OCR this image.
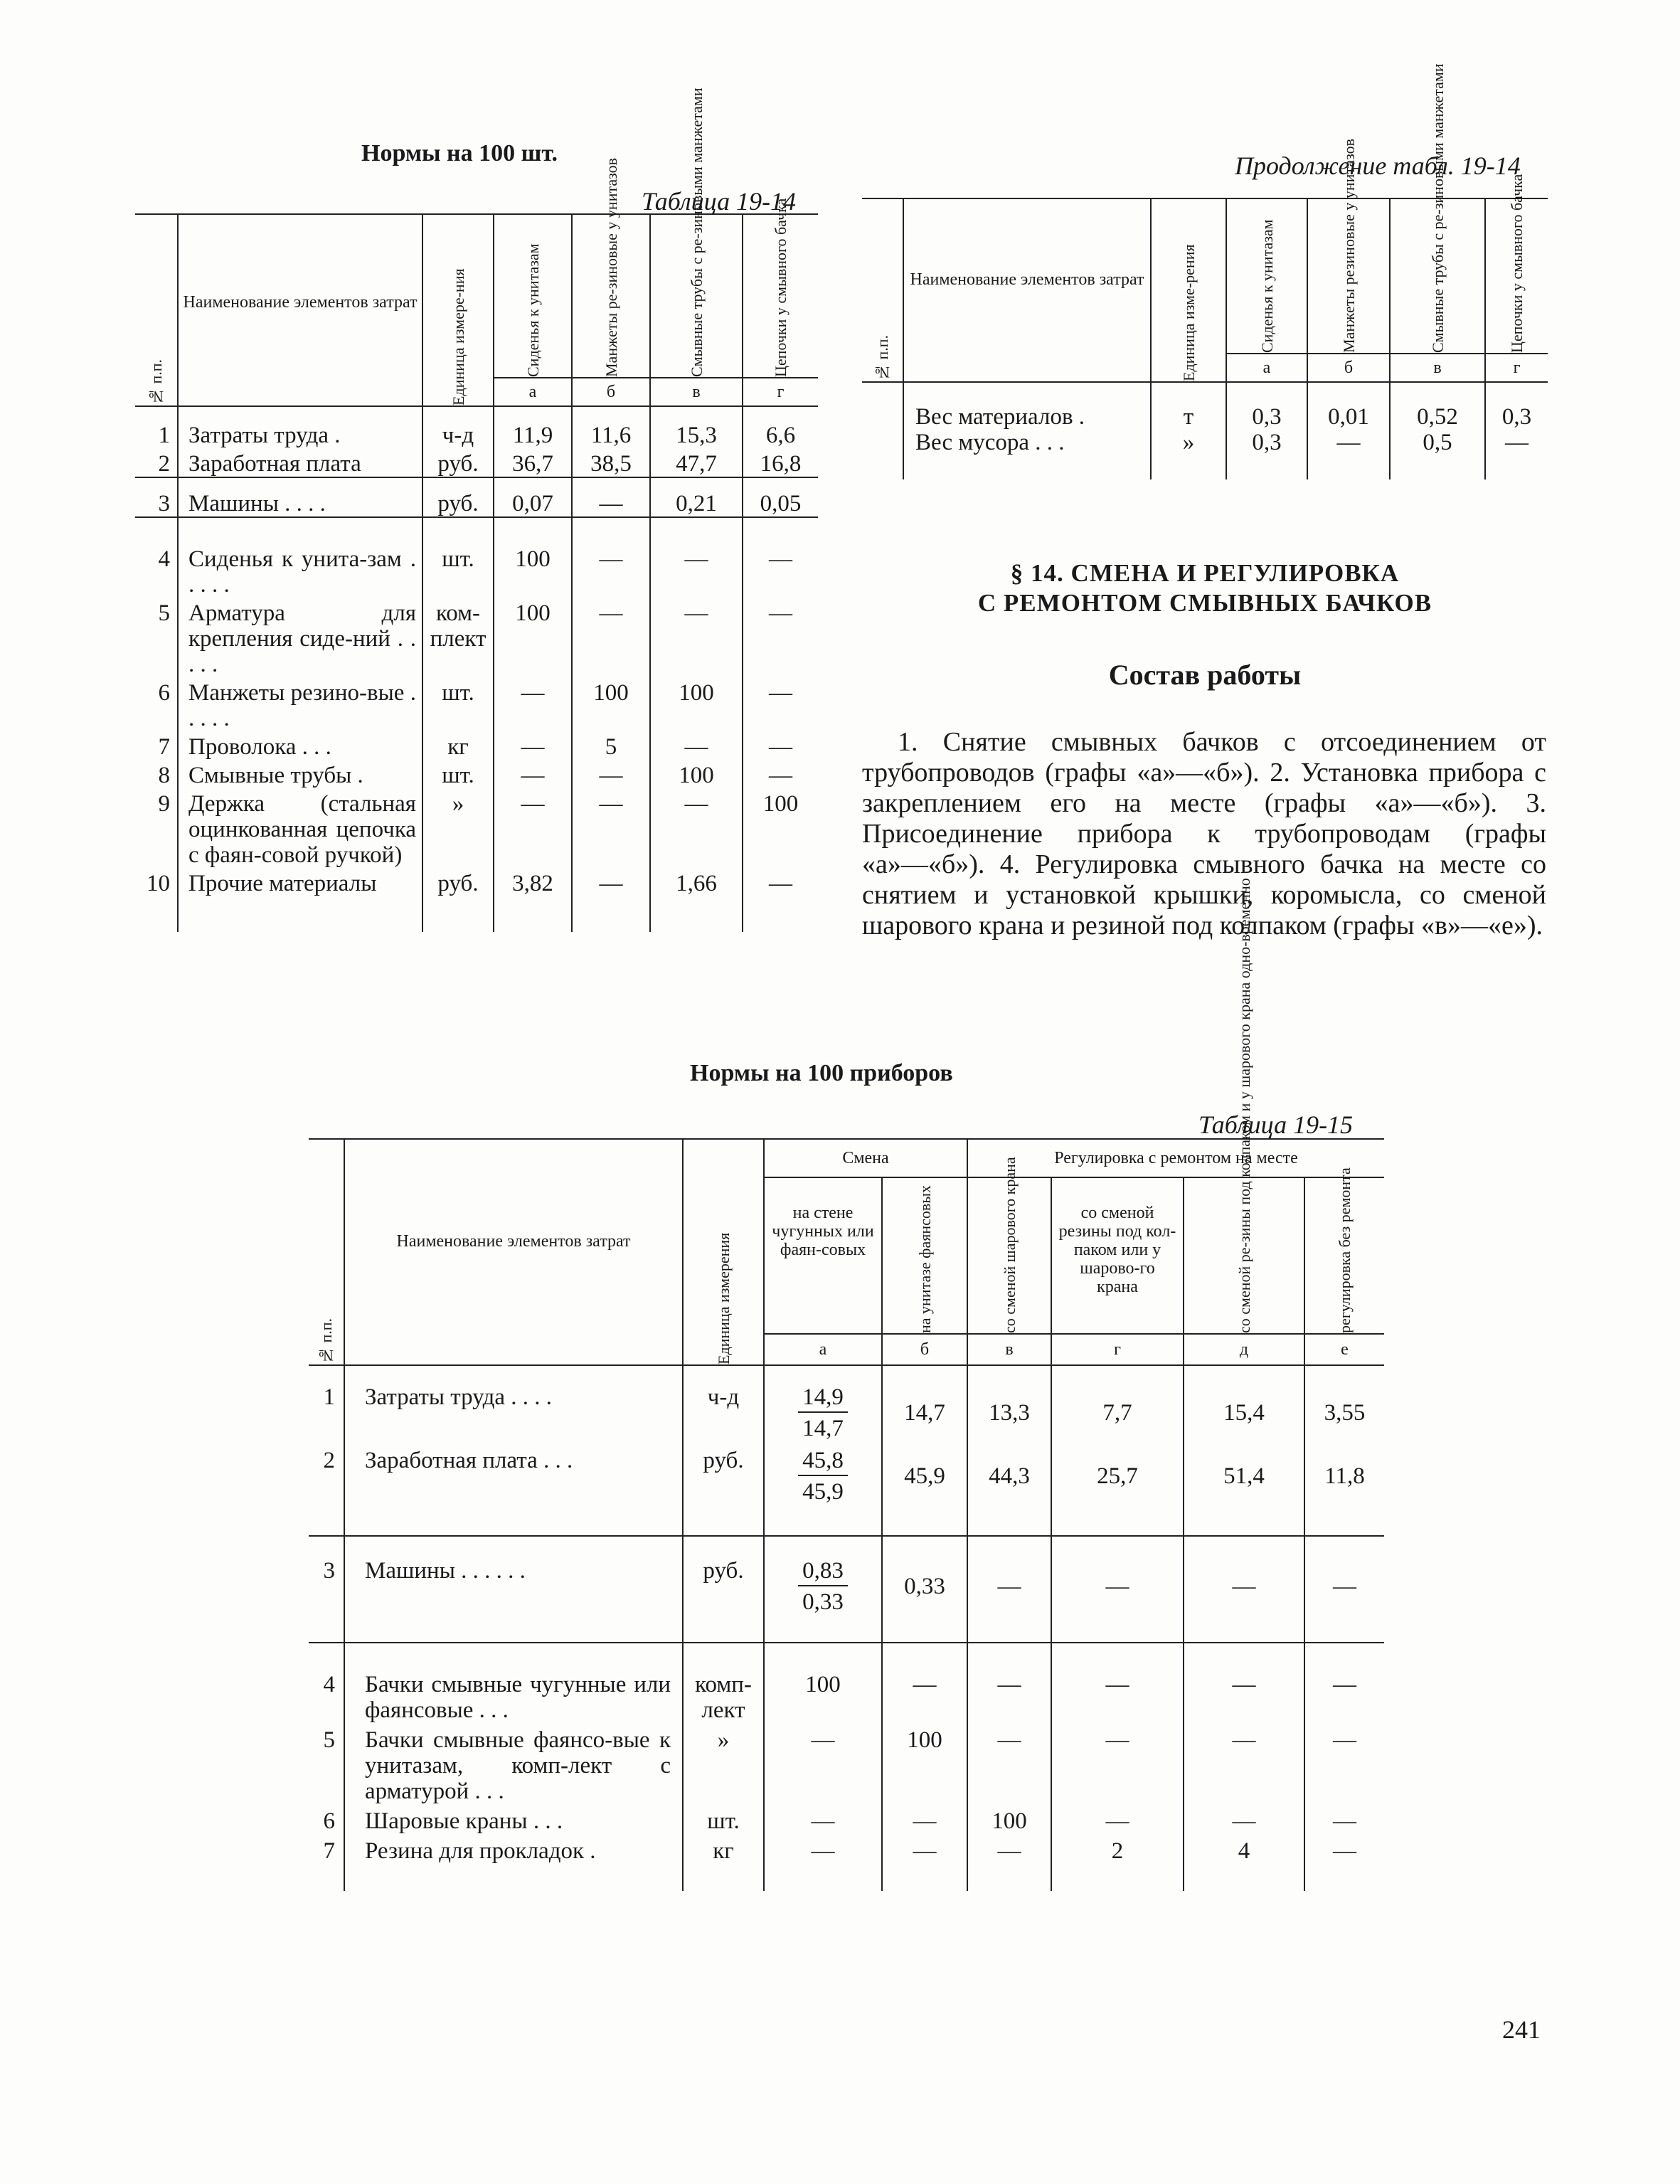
Нормы на 100 шт.
Таблица 19-14
Продолжение табл. 19-14
№ п.п.	Наименование элементов затрат	Единица измере-ния	Сиденья к унитазам	Манжеты ре-зиновые у унитазов	Смывные трубы с ре-зиновыми манжетами	Цепочки у смывного бачка

			а	б	в	г
1	Затраты труда .	ч-д	11,9	11,6	15,3	6,6
2	Заработная плата	руб.	36,7	38,5	47,7	16,8
3	Машины . . . .	руб.	0,07	—	0,21	0,05
4	Сиденья к унита-зам . . . . .	шт.	100	—	—	—
5	Арматура для крепления сиде-ний . . . . .	ком-плект	100	—	—	—
6	Манжеты резино-вые . . . . .	шт.	—	100	100	—
7	Проволока . . .	кг	—	5	—	—
8	Смывные трубы .	шт.	—	—	100	—
9	Держка (стальная оцинкованная цепочка с фаян-совой ручкой)	»	—	—	—	100
10	Прочие материалы	руб.	3,82	—	1,66	—
№ п.п.	Наименование элементов затрат	Единица изме-рения	Сиденья к унитазам	Манжеты резиновые у унитазов	Смывные трубы с ре-зиновыми манжетами	Цепочки у смывного бачка

			а	б	в	г
	Вес материалов .	т	0,3	0,01	0,52	0,3
	Вес мусора . . .	»	0,3	—	0,5	—
§ 14. СМЕНА И РЕГУЛИРОВКА
С РЕМОНТОМ СМЫВНЫХ БАЧКОВ
Состав работы
1. Снятие смывных бачков с отсоединением от трубопроводов (графы «а»—«б»). 2. Установка прибора с закреплением его на месте (графы «а»—«б»). 3. Присоединение прибора к трубопроводам (графы «а»—«б»). 4. Регулировка смывного бачка на месте со снятием и установкой крышки, коромысла, со сменой шарового крана и резиной под колпаком (графы «в»—«е»).
Нормы на 100 приборов
Таблица 19-15
№ п.п.	Наименование элементов затрат	Единица измерения	Смена		Регулировка с ремонтом на месте			
			на стене чугунных или фаян-совых	на унитазе фаянсовых	со сменой шарового крана	со сменой резины под кол-паком или у шарово-го крана	со сменой ре-зины под колпаком и у шарового крана одно-временно	регулировка без ремонта

			а	б	в	г	д	е
1	Затраты труда . . . .	ч-д	$\frac{14,9}{14,7}$	14,7	13,3	7,7	15,4	3,55
2	Заработная плата . . .	руб.	$\frac{45,8}{45,9}$	45,9	44,3	25,7	51,4	11,8
3	Машины . . . . . .	руб.	$\frac{0,83}{0,33}$	0,33	—	—	—	—
4	Бачки смывные чугунные или фаянсовые . . .	комп-лект	100	—	—	—	—	—
5	Бачки смывные фаянсо-вые к унитазам, комп-лект с арматурой . . .	»	—	100	—	—	—	—
6	Шаровые краны . . .	шт.	—	—	100	—	—	—
7	Резина для прокладок .	кг	—	—	—	2	4	—
241
